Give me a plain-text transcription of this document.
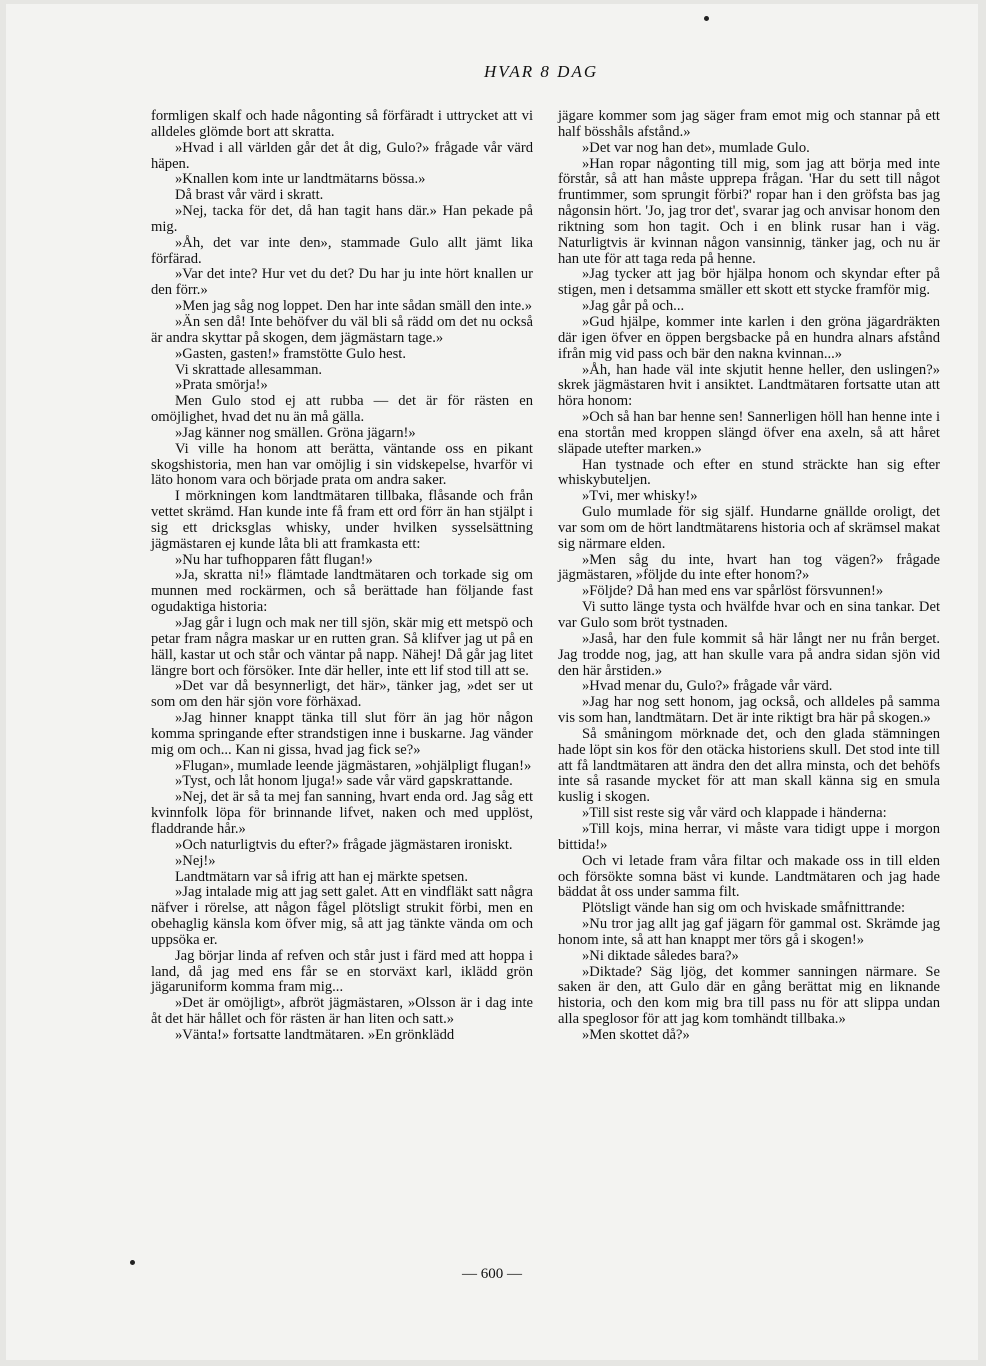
HVAR 8 DAG

formligen skalf och hade någonting så förfäradt i uttrycket att vi alldeles glömde bort att skratta.

»Hvad i all världen går det åt dig, Gulo?» frågade vår värd häpen.

»Knallen kom inte ur landtmätarns bössa.»

Då brast vår värd i skratt.

»Nej, tacka för det, då han tagit hans där.» Han pekade på mig.

»Åh, det var inte den», stammade Gulo allt jämt lika förfärad.

»Var det inte? Hur vet du det? Du har ju inte hört knallen ur den förr.»

»Men jag såg nog loppet. Den har inte sådan smäll den inte.»

»Än sen då! Inte behöfver du väl bli så rädd om det nu också är andra skyttar på skogen, dem jägmästarn tage.»

»Gasten, gasten!» framstötte Gulo hest.

Vi skrattade allesamman.

»Prata smörja!»

Men Gulo stod ej att rubba — det är för rästen en omöjlighet, hvad det nu än må gälla.

»Jag känner nog smällen. Gröna jägarn!»

Vi ville ha honom att berätta, väntande oss en pikant skogshistoria, men han var omöjlig i sin vidskepelse, hvarför vi läto honom vara och började prata om andra saker.

I mörkningen kom landtmätaren tillbaka, flåsande och från vettet skrämd. Han kunde inte få fram ett ord förr än han stjälpt i sig ett dricksglas whisky, under hvilken sysselsättning jägmästaren ej kunde låta bli att framkasta ett:

»Nu har tufhopparen fått flugan!»

»Ja, skratta ni!» flämtade landtmätaren och torkade sig om munnen med rockärmen, och så berättade han följande fast ogudaktiga historia:

»Jag går i lugn och mak ner till sjön, skär mig ett metspö och petar fram några maskar ur en rutten gran. Så klifver jag ut på en häll, kastar ut och står och väntar på napp. Nähej! Då går jag litet längre bort och försöker. Inte där heller, inte ett lif stod till att se.

»Det var då besynnerligt, det här», tänker jag, »det ser ut som om den här sjön vore förhäxad.

»Jag hinner knappt tänka till slut förr än jag hör någon komma springande efter strandstigen inne i buskarne. Jag vänder mig om och... Kan ni gissa, hvad jag fick se?»

»Flugan», mumlade leende jägmästaren, »ohjälpligt flugan!»

»Tyst, och låt honom ljuga!» sade vår värd gapskrattande.

»Nej, det är så ta mej fan sanning, hvart enda ord. Jag såg ett kvinnfolk löpa för brinnande lifvet, naken och med upplöst, fladdrande hår.»

»Och naturligtvis du efter?» frågade jägmästaren ironiskt.

»Nej!»

Landtmätarn var så ifrig att han ej märkte spetsen.

»Jag intalade mig att jag sett galet. Att en vindfläkt satt några näfver i rörelse, att någon fågel plötsligt strukit förbi, men en obehaglig känsla kom öfver mig, så att jag tänkte vända om och uppsöka er.

Jag börjar linda af refven och står just i färd med att hoppa i land, då jag med ens får se en storväxt karl, iklädd grön jägaruniform komma fram mig...

»Det är omöjligt», afbröt jägmästaren, »Olsson är i dag inte åt det här hållet och för rästen är han liten och satt.»

»Vänta!» fortsatte landtmätaren. »En grönklädd

jägare kommer som jag säger fram emot mig och stannar på ett half bösshåls afstånd.»

»Det var nog han det», mumlade Gulo.

»Han ropar någonting till mig, som jag att börja med inte förstår, så att han måste upprepa frågan. 'Har du sett till något fruntimmer, som sprungit förbi?' ropar han i den gröfsta bas jag någonsin hört. 'Jo, jag tror det', svarar jag och anvisar honom den riktning som hon tagit. Och i en blink rusar han i väg. Naturligtvis är kvinnan någon vansinnig, tänker jag, och nu är han ute för att taga reda på henne.

»Jag tycker att jag bör hjälpa honom och skyndar efter på stigen, men i detsamma smäller ett skott ett stycke framför mig.

»Jag går på och...

»Gud hjälpe, kommer inte karlen i den gröna jägardräkten där igen öfver en öppen bergsbacke på en hundra alnars afstånd ifrån mig vid pass och bär den nakna kvinnan...»

»Åh, han hade väl inte skjutit henne heller, den uslingen?» skrek jägmästaren hvit i ansiktet. Landtmätaren fortsatte utan att höra honom:

»Och så han bar henne sen! Sannerligen höll han henne inte i ena stortån med kroppen slängd öfver ena axeln, så att håret släpade utefter marken.»

Han tystnade och efter en stund sträckte han sig efter whiskybuteljen.

»Tvi, mer whisky!»

Gulo mumlade för sig själf. Hundarne gnällde oroligt, det var som om de hört landtmätarens historia och af skrämsel makat sig närmare elden.

»Men såg du inte, hvart han tog vägen?» frågade jägmästaren, »följde du inte efter honom?»

»Följde? Då han med ens var spårlöst försvunnen!»

Vi sutto länge tysta och hvälfde hvar och en sina tankar. Det var Gulo som bröt tystnaden.

»Jaså, har den fule kommit så här långt ner nu från berget. Jag trodde nog, jag, att han skulle vara på andra sidan sjön vid den här årstiden.»

»Hvad menar du, Gulo?» frågade vår värd.

»Jag har nog sett honom, jag också, och alldeles på samma vis som han, landtmätarn. Det är inte riktigt bra här på skogen.»

Så småningom mörknade det, och den glada stämningen hade löpt sin kos för den otäcka historiens skull. Det stod inte till att få landtmätaren att ändra den det allra minsta, och det behöfs inte så rasande mycket för att man skall känna sig en smula kuslig i skogen.

»Till sist reste sig vår värd och klappade i händerna:

»Till kojs, mina herrar, vi måste vara tidigt uppe i morgon bittida!»

Och vi letade fram våra filtar och makade oss in till elden och försökte somna bäst vi kunde. Landtmätaren och jag hade bäddat åt oss under samma filt.

Plötsligt vände han sig om och hviskade småfnittrande:

»Nu tror jag allt jag gaf jägarn för gammal ost. Skrämde jag honom inte, så att han knappt mer törs gå i skogen!»

»Ni diktade således bara?»

»Diktade? Säg ljög, det kommer sanningen närmare. Se saken är den, att Gulo där en gång berättat mig en liknande historia, och den kom mig bra till pass nu för att slippa undan alla speglosor för att jag kom tomhändt tillbaka.»

»Men skottet då?»

— 600 —
